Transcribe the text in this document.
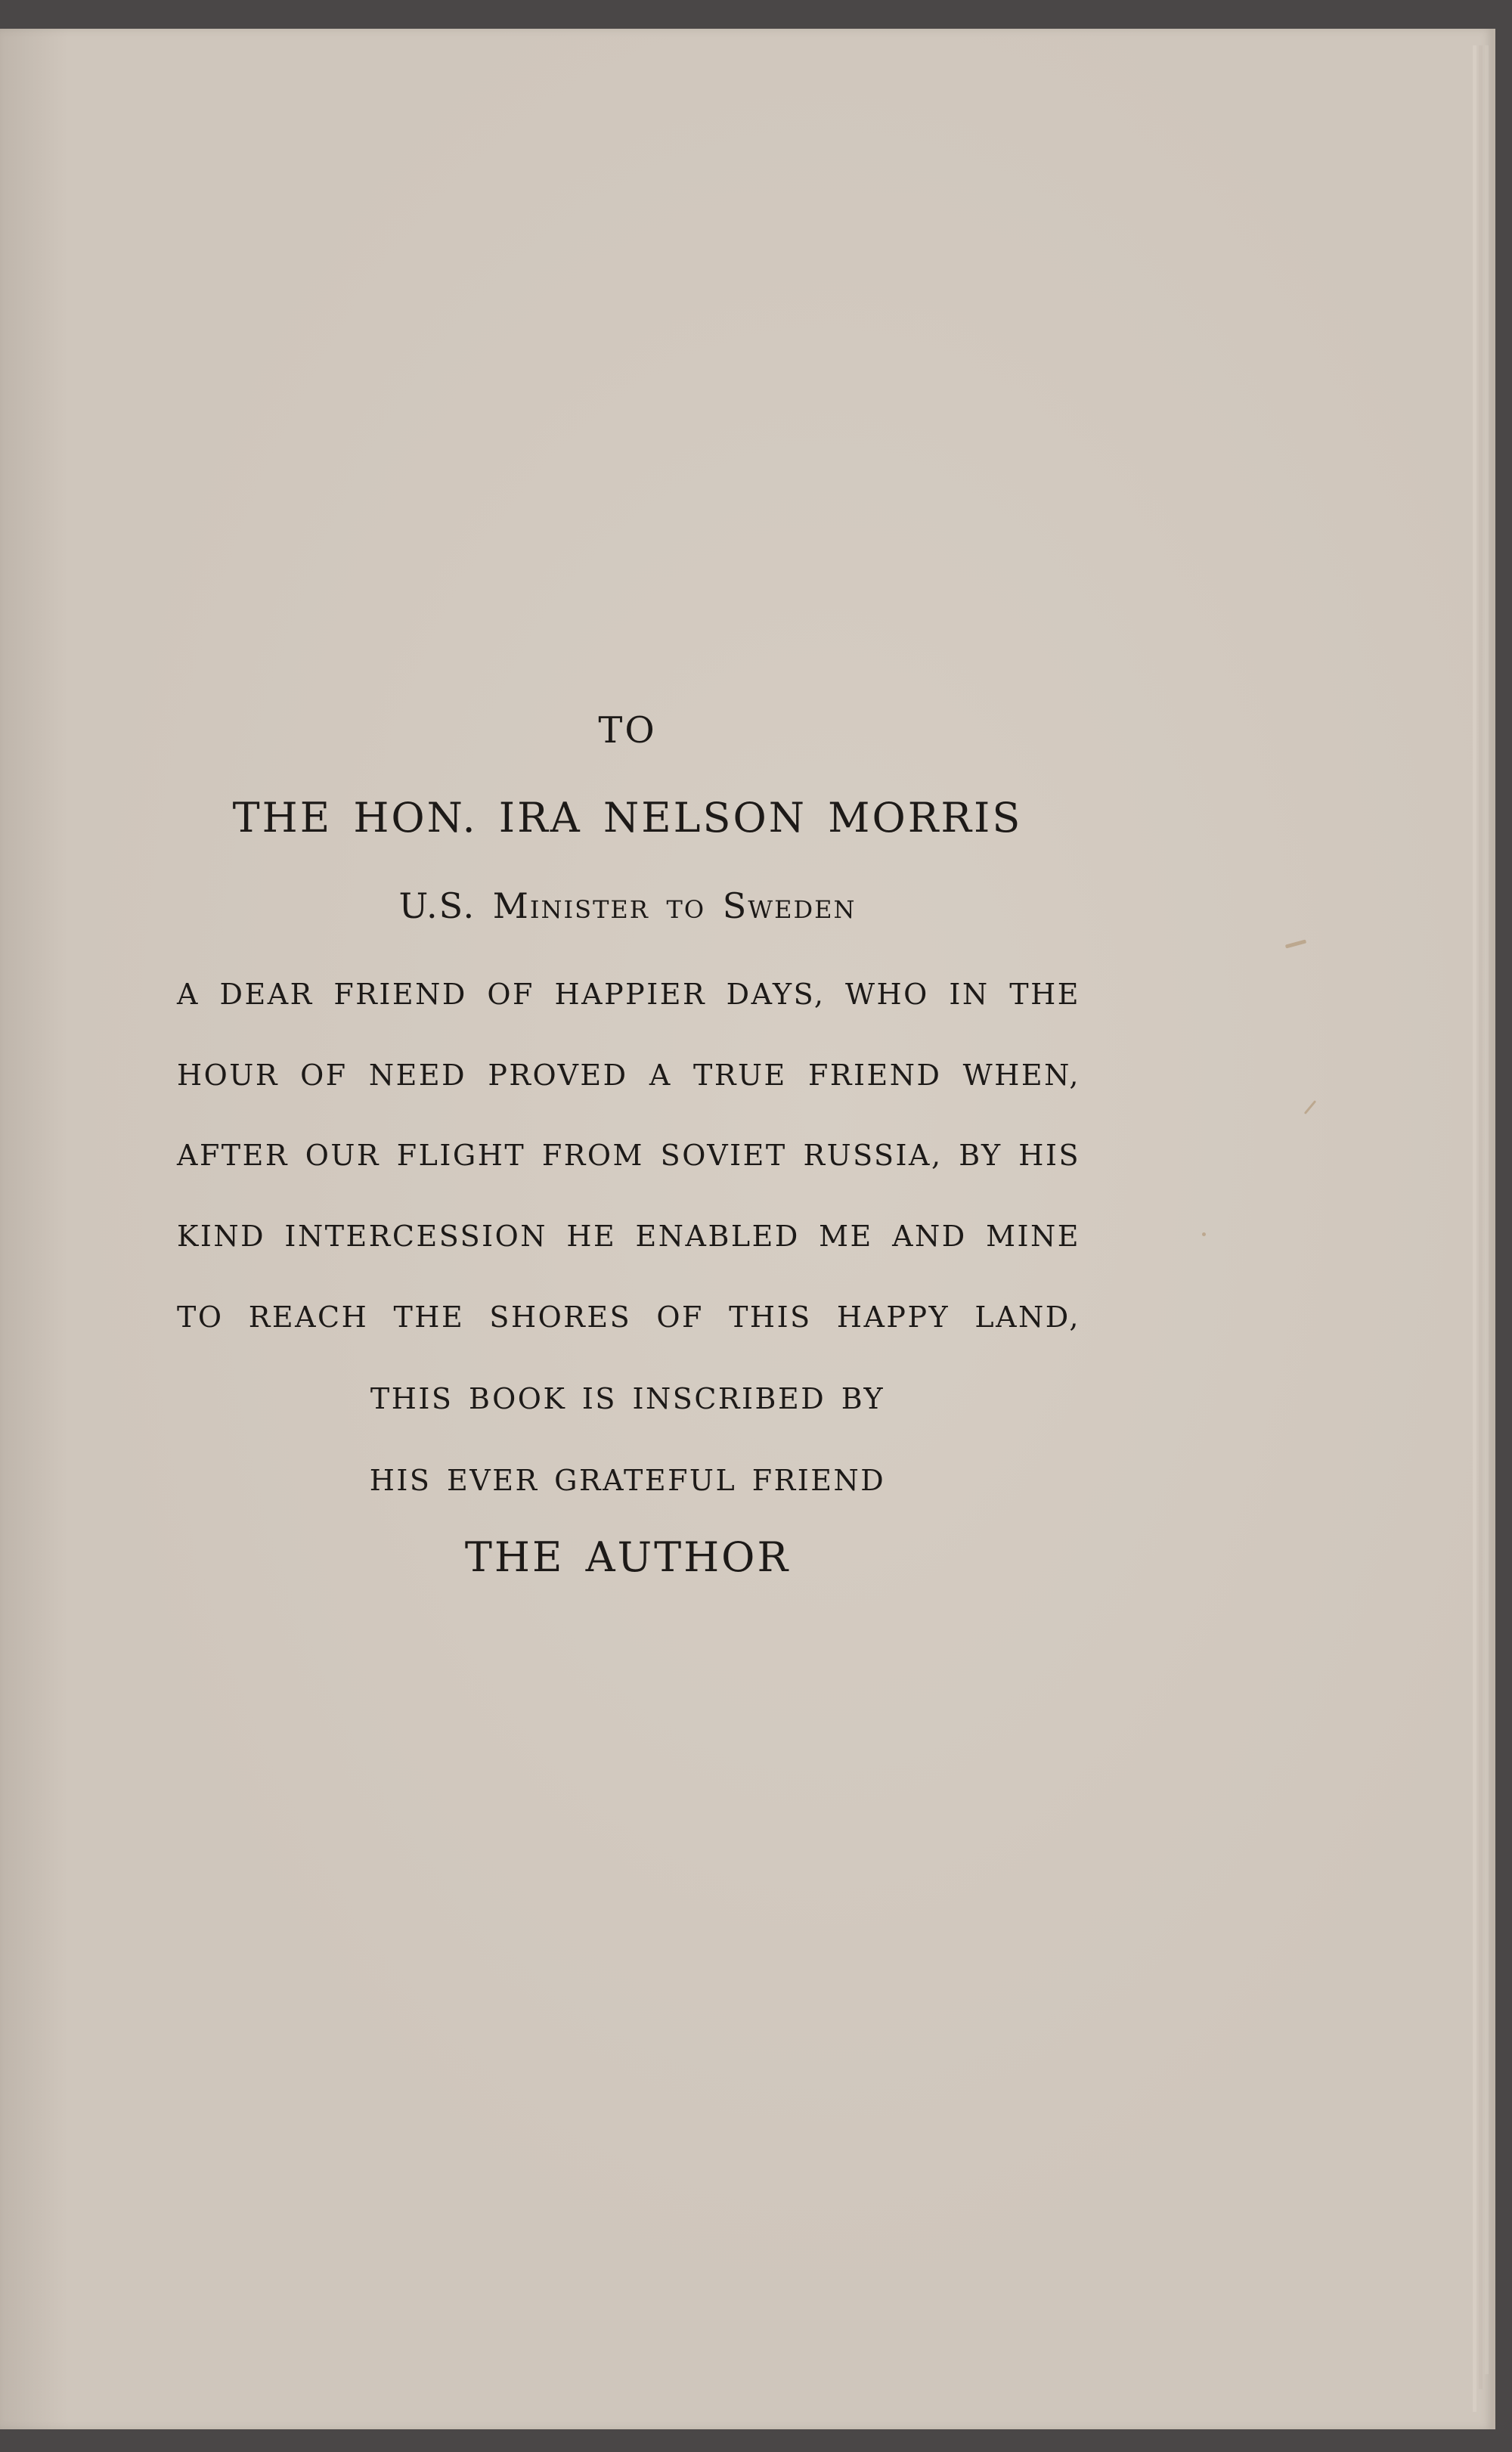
TO
THE HON. IRA NELSON MORRIS
U.S. Minister to Sweden
A DEAR FRIEND OF HAPPIER DAYS, WHO IN THE
HOUR OF NEED PROVED A TRUE FRIEND WHEN,
AFTER OUR FLIGHT FROM SOVIET RUSSIA, BY HIS
KIND INTERCESSION HE ENABLED ME AND MINE
TO REACH THE SHORES OF THIS HAPPY LAND,
THIS BOOK IS INSCRIBED BY
HIS EVER GRATEFUL FRIEND
THE AUTHOR
